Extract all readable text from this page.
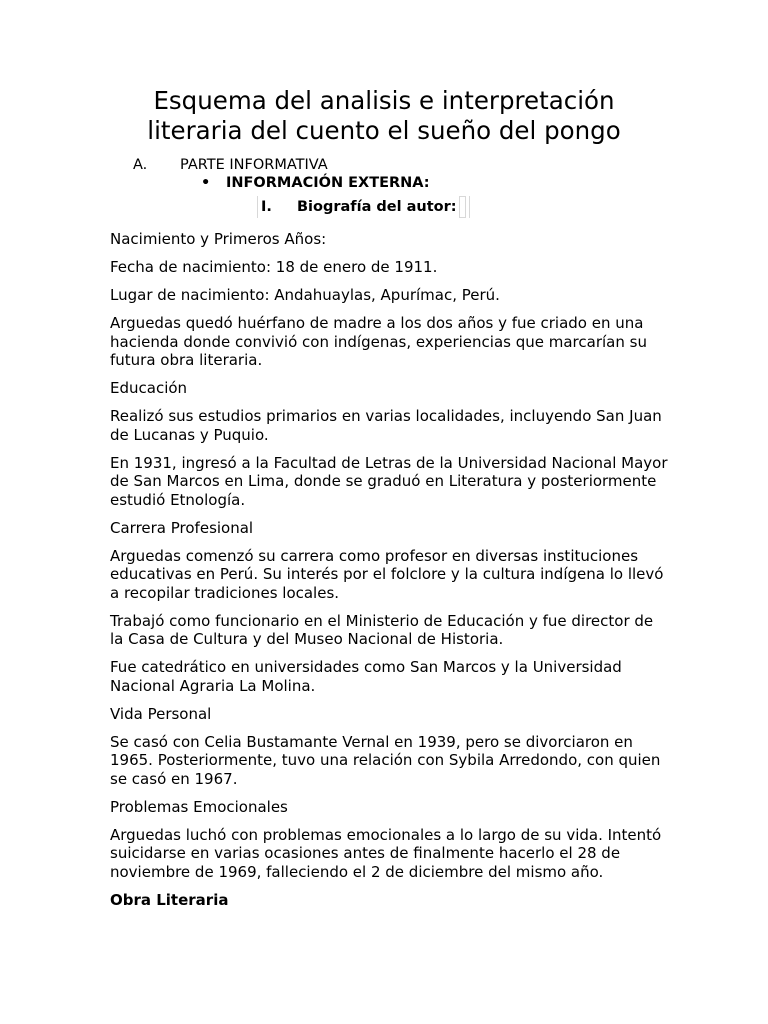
Esquema del analisis e interpretación
literaria del cuento el sueño del pongo
A. PARTE INFORMATIVA
• INFORMACIÓN EXTERNA:
I. Biografía del autor:

Nacimiento y Primeros Años:

Fecha de nacimiento: 18 de enero de 1911.

Lugar de nacimiento: Andahuaylas, Apurímac, Perú.

Arguedas quedó huérfano de madre a los dos años y fue criado en una hacienda donde convivió con indígenas, experiencias que marcarían su futura obra literaria.

Educación

Realizó sus estudios primarios en varias localidades, incluyendo San Juan de Lucanas y Puquio.

En 1931, ingresó a la Facultad de Letras de la Universidad Nacional Mayor de San Marcos en Lima, donde se graduó en Literatura y posteriormente estudió Etnología.

Carrera Profesional

Arguedas comenzó su carrera como profesor en diversas instituciones educativas en Perú. Su interés por el folclore y la cultura indígena lo llevó a recopilar tradiciones locales.

Trabajó como funcionario en el Ministerio de Educación y fue director de la Casa de Cultura y del Museo Nacional de Historia.

Fue catedrático en universidades como San Marcos y la Universidad Nacional Agraria La Molina.

Vida Personal

Se casó con Celia Bustamante Vernal en 1939, pero se divorciaron en 1965. Posteriormente, tuvo una relación con Sybila Arredondo, con quien se casó en 1967.

Problemas Emocionales

Arguedas luchó con problemas emocionales a lo largo de su vida. Intentó suicidarse en varias ocasiones antes de finalmente hacerlo el 28 de noviembre de 1969, falleciendo el 2 de diciembre del mismo año.

Obra Literaria
